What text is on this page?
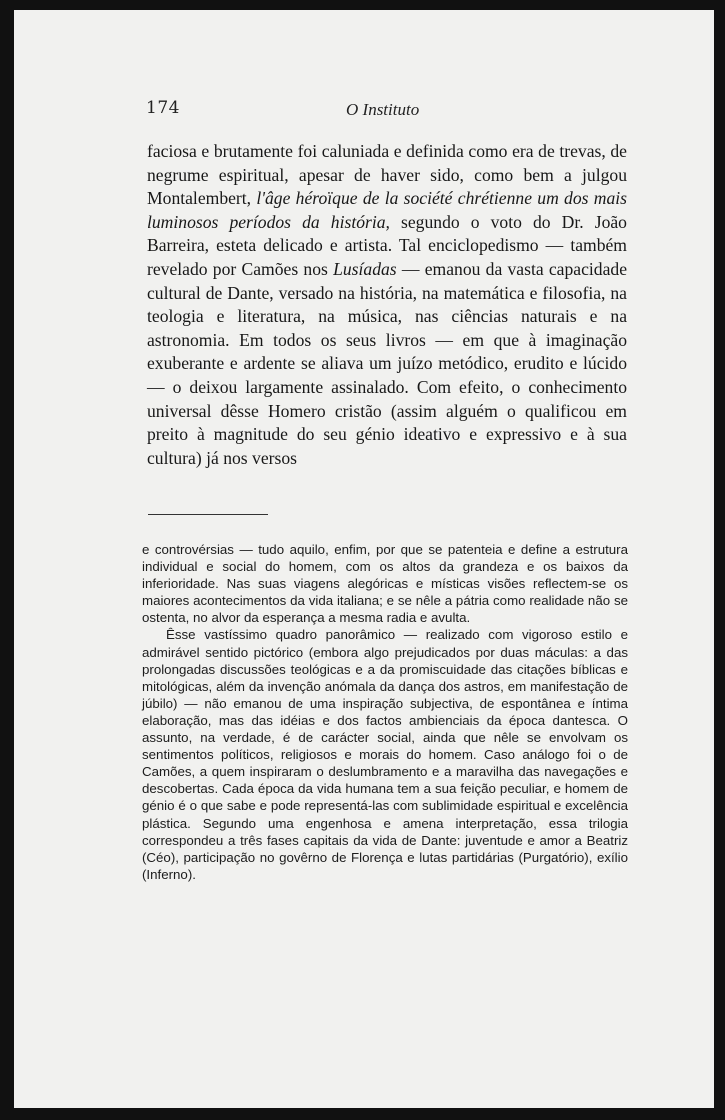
174	O Instituto

faciosa e brutamente foi caluniada e definida como era de trevas, de negrume espiritual, apesar de haver sido, como bem a julgou Montalembert, l'âge héroïque de la société chrétienne um dos mais luminosos períodos da história, segundo o voto do Dr. João Barreira, esteta delicado e artista. Tal enciclopedismo — também revelado por Camões nos Lusíadas — emanou da vasta capacidade cultural de Dante, versado na história, na matemática e filosofia, na teologia e literatura, na música, nas ciências naturais e na astronomia. Em todos os seus livros — em que à imaginação exuberante e ardente se aliava um juízo metódico, erudito e lúcido — o deixou largamente assinalado. Com efeito, o conhecimento universal dêsse Homero cristão (assim alguém o qualificou em preito à magnitude do seu génio ideativo e expressivo e à sua cultura) já nos versos

e controvérsias — tudo aquilo, enfim, por que se patenteia e define a estrutura individual e social do homem, com os altos da grandeza e os baixos da inferioridade. Nas suas viagens alegóricas e místicas visões reflectem-se os maiores acontecimentos da vida italiana; e se nêle a pátria como realidade não se ostenta, no alvor da esperança a mesma radia e avulta.

Êsse vastíssimo quadro panorâmico — realizado com vigoroso estilo e admirável sentido pictórico (embora algo prejudicados por duas máculas: a das prolongadas discussões teológicas e a da promiscuidade das citações bíblicas e mitológicas, além da invenção anómala da dança dos astros, em manifestação de júbilo) — não emanou de uma inspiração subjectiva, de espontânea e íntima elaboração, mas das idéias e dos factos ambienciais da época dantesca. O assunto, na verdade, é de carácter social, ainda que nêle se envolvam os sentimentos políticos, religiosos e morais do homem. Caso análogo foi o de Camões, a quem inspiraram o deslumbramento e a maravilha das navegações e descobertas. Cada época da vida humana tem a sua feição peculiar, e homem de génio é o que sabe e pode representá-las com sublimidade espiritual e excelência plástica. Segundo uma engenhosa e amena interpretação, essa trilogia correspondeu a três fases capitais da vida de Dante: juventude e amor a Beatriz (Céo), participação no govêrno de Florença e lutas partidárias (Purgatório), exílio (Inferno).
